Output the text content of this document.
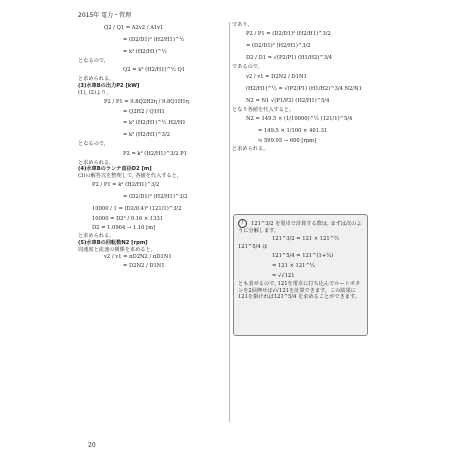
2015年 電力・管理
Q2 / Q1 = A2v2 / A1v1
= (D2/D1)² (H2/H1)^½
= k² (H2/H1)^½
となるので,
Q2 = k² (H2/H1)^½ Q1
と求められる。
(3)水車Bの出力P2 [kW]
(1), (2)より,
P2 / P1 = 9.8Q2H2η / 9.8Q1H1η
= Q2H2 / Q1H1
= k² (H2/H1)^½ H2/H1
= k² (H2/H1)^3/2
となるので,
P2 = k² (H2/H1)^3/2 P1
と求められる。
(4)水車Bのランナ直径D2 [m]
(3)の解答式を整理して, 各値を代入すると,
P2 / P1 = k² (H2/H1)^3/2
= (D2/D1)² (H2/H1)^3/2
10000 / 1 = (D2/0.4)² (121/1)^3/2
10000 = D2² / 0.16 × 1331
D2 = 1.0964 → 1.10 [m]
と求められる。
(5)水車Bの回転数N2 [rpm]
周速度と流速の関係を求めると,
v2 / v1 = πD2N2 / πD1N1
= D2N2 / D1N1
であり,
P2 / P1 = (D2/D1)² (H2/H1)^3/2
= (D2/D1)² (H2/H1)^3/2
D2 / D1 = √(P2/P1) (H1/H2)^3/4
であるので,
v2 / v1 = D2N2 / D1N1
(H2/H1)^½ = √(P2/P1) (H1/H2)^3/4 N2/N1
N2 = N1 √(P1/P2) (H2/H1)^5/4
となり各値を代入すると,
N2 = 149.5 × (1/10000)^½ (121/1)^5/4
= 149.5 × 1/100 × 401.31
≒ 599.95 → 600 [rpm]
と求められる。
! 121^3/2 を電卓で計算する際は, まずは次のように分解します。
121^3/2 = 121 × 121^½
121^5/4 は
121^5/4 = 121^(1+¼)
= 121 × 121^¼
= √√121
とも表せるので, 121を電卓に打ち込んでルートボタンを2回押せば√√121を計算できます。この結果に121を掛ければ121^5/4 を求めることができます。
20
